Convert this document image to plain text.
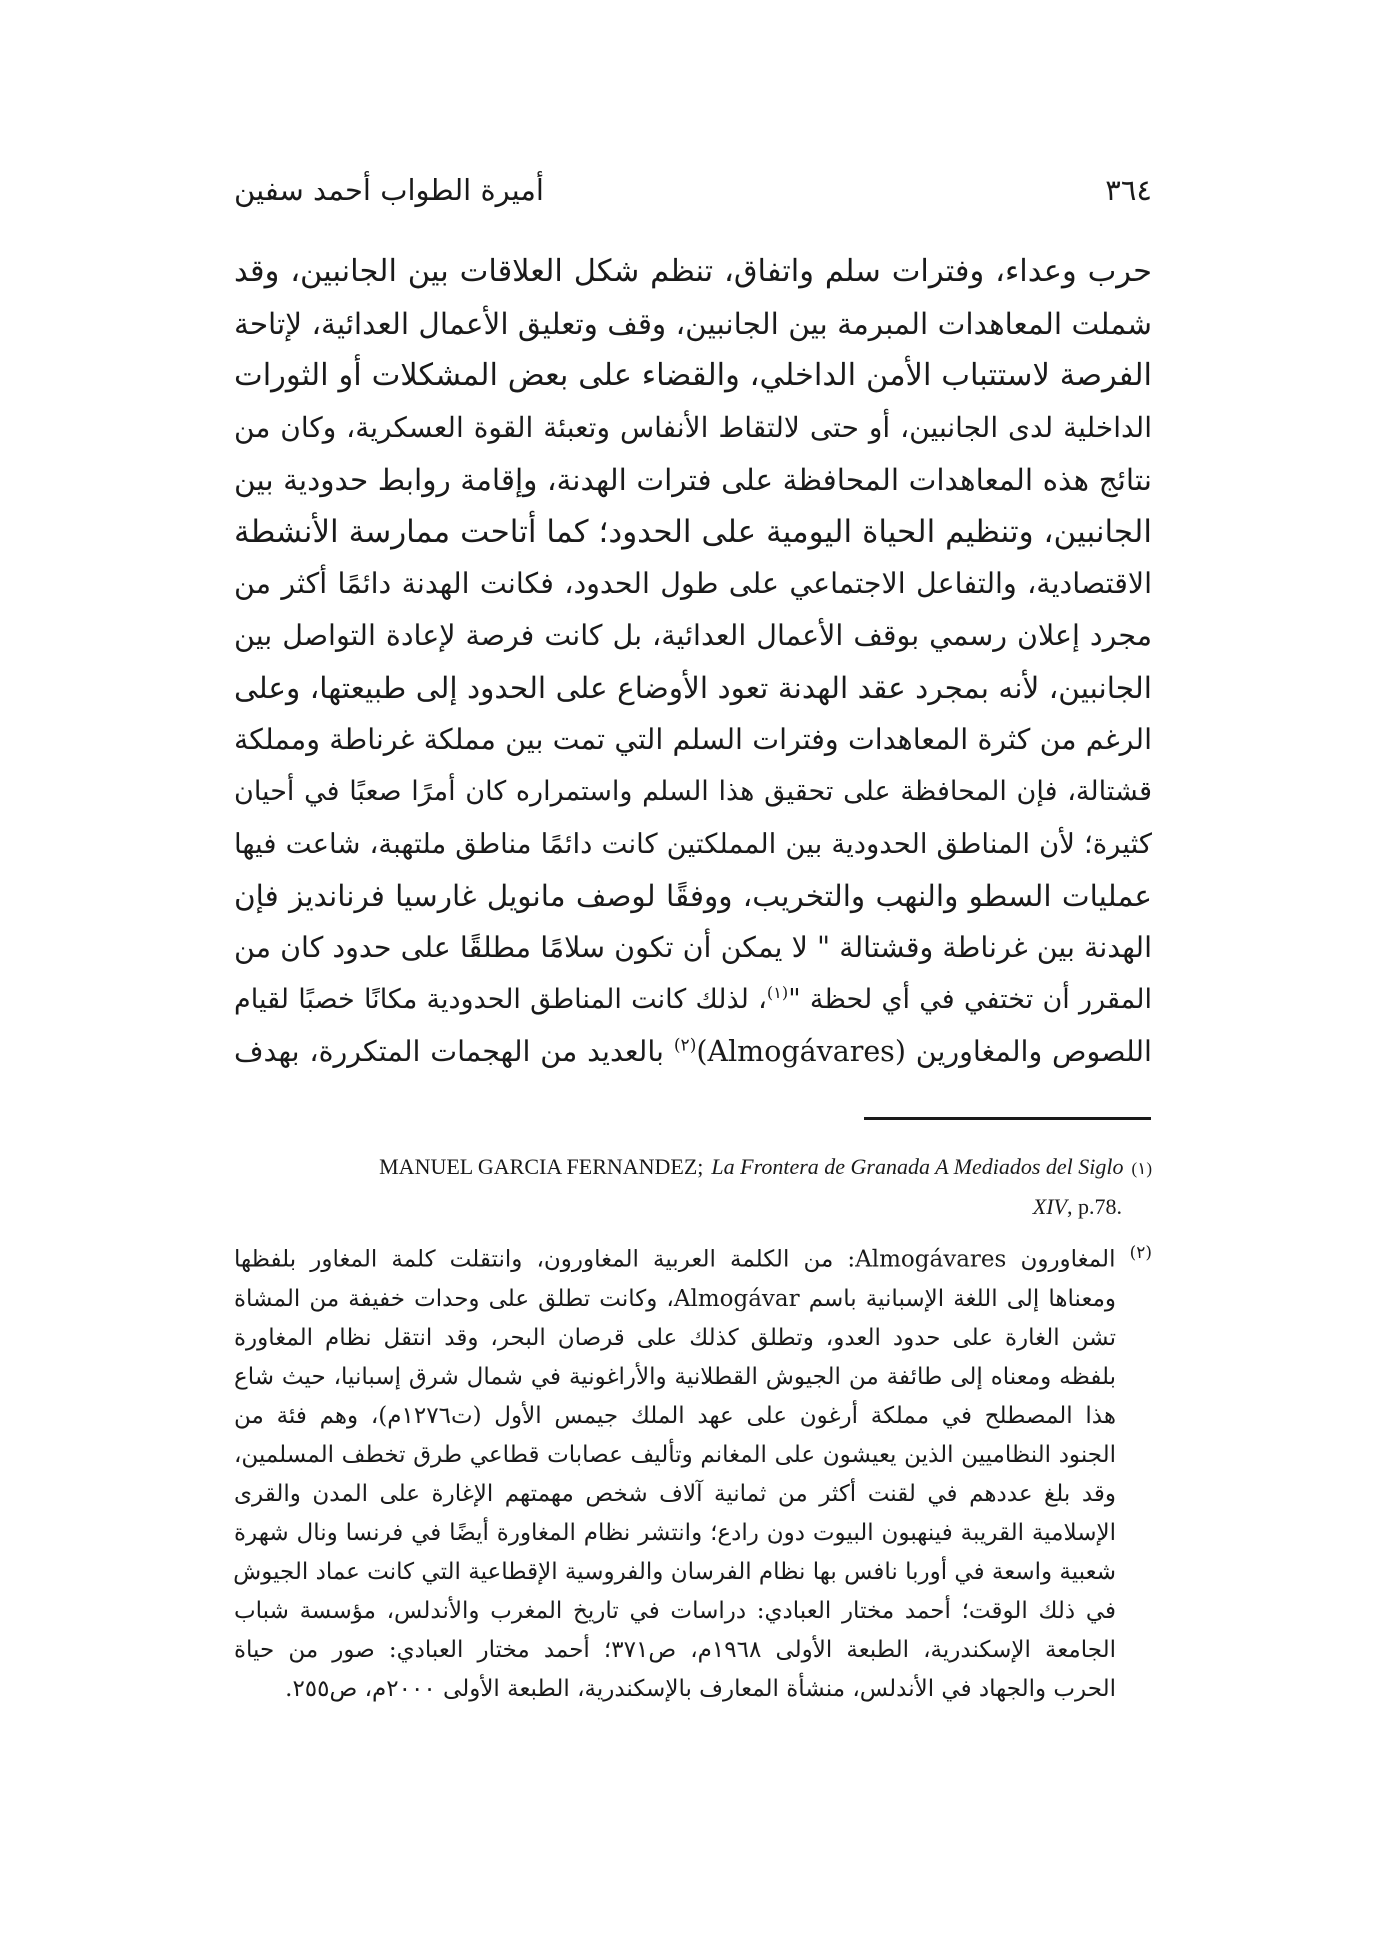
٣٦٤
أميرة الطواب أحمد سفين
حرب وعداء، وفترات سلم واتفاق، تنظم شكل العلاقات بين الجانبين، وقد
شملت المعاهدات المبرمة بين الجانبين، وقف وتعليق الأعمال العدائية، لإتاحة
الفرصة لاستتباب الأمن الداخلي، والقضاء على بعض المشكلات أو الثورات
الداخلية لدى الجانبين، أو حتى لالتقاط الأنفاس وتعبئة القوة العسكرية، وكان من
نتائج هذه المعاهدات المحافظة على فترات الهدنة، وإقامة روابط حدودية بين
الجانبين، وتنظيم الحياة اليومية على الحدود؛ كما أتاحت ممارسة الأنشطة
الاقتصادية، والتفاعل الاجتماعي على طول الحدود، فكانت الهدنة دائمًا أكثر من
مجرد إعلان رسمي بوقف الأعمال العدائية، بل كانت فرصة لإعادة التواصل بين
الجانبين، لأنه بمجرد عقد الهدنة تعود الأوضاع على الحدود إلى طبيعتها، وعلى
الرغم من كثرة المعاهدات وفترات السلم التي تمت بين مملكة غرناطة ومملكة
قشتالة، فإن المحافظة على تحقيق هذا السلم واستمراره كان أمرًا صعبًا في أحيان
كثيرة؛ لأن المناطق الحدودية بين المملكتين كانت دائمًا مناطق ملتهبة، شاعت فيها
عمليات السطو والنهب والتخريب، ووفقًا لوصف مانويل غارسيا فرنانديز فإن
الهدنة بين غرناطة وقشتالة " لا يمكن أن تكون سلامًا مطلقًا على حدود كان من
المقرر أن تختفي في أي لحظة "$^{(١)}$، لذلك كانت المناطق الحدودية مكانًا خصبًا لقيام
اللصوص والمغاورين (Almogávares)$^{(٢)}$ بالعديد من الهجمات المتكررة، بهدف
MANUEL GARCIA FERNANDEZ; La Frontera de Granada A Mediados del Siglo (١)
XIV, p.78.
$^{(٢)}$ المغاورون Almogávares: من الكلمة العربية المغاورون، وانتقلت كلمة المغاور بلفظها
ومعناها إلى اللغة الإسبانية باسم Almogávar، وكانت تطلق على وحدات خفيفة من المشاة
تشن الغارة على حدود العدو، وتطلق كذلك على قرصان البحر، وقد انتقل نظام المغاورة
بلفظه ومعناه إلى طائفة من الجيوش القطلانية والأراغونية في شمال شرق إسبانيا، حيث شاع
هذا المصطلح في مملكة أرغون على عهد الملك جيمس الأول (ت١٢٧٦م)، وهم فئة من
الجنود النظاميين الذين يعيشون على المغانم وتأليف عصابات قطاعي طرق تخطف المسلمين،
وقد بلغ عددهم في لقنت أكثر من ثمانية آلاف شخص مهمتهم الإغارة على المدن والقرى
الإسلامية القريبة فينهبون البيوت دون رادع؛ وانتشر نظام المغاورة أيضًا في فرنسا ونال شهرة
شعبية واسعة في أوربا نافس بها نظام الفرسان والفروسية الإقطاعية التي كانت عماد الجيوش
في ذلك الوقت؛ أحمد مختار العبادي: دراسات في تاريخ المغرب والأندلس، مؤسسة شباب
الجامعة الإسكندرية، الطبعة الأولى ١٩٦٨م، ص٣٧١؛ أحمد مختار العبادي: صور من حياة
الحرب والجهاد في الأندلس، منشأة المعارف بالإسكندرية، الطبعة الأولى ٢٠٠٠م، ص٢٥٥.
